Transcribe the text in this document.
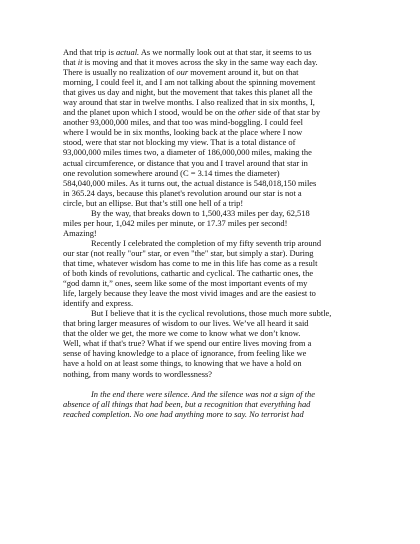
And that trip is actual. As we normally look out at that star, it seems to us
that it is moving and that it moves across the sky in the same way each day.
There is usually no realization of our movement around it, but on that
morning, I could feel it, and I am not talking about the spinning movement
that gives us day and night, but the movement that takes this planet all the
way around that star in twelve months. I also realized that in six months, I,
and the planet upon which I stood, would be on the other side of that star by
another 93,000,000 miles, and that too was mind-boggling. I could feel
where I would be in six months, looking back at the place where I now
stood, were that star not blocking my view. That is a total distance of
93,000,000 miles times two, a diameter of 186,000,000 miles, making the
actual circumference, or distance that you and I travel around that star in
one revolution somewhere around (C = 3.14 times the diameter)
584,040,000 miles. As it turns out, the actual distance is 548,018,150 miles
in 365.24 days, because this planet's revolution around our star is not a
circle, but an ellipse. But that’s still one hell of a trip!

By the way, that breaks down to 1,500,433 miles per day, 62,518
miles per hour, 1,042 miles per minute, or 17.37 miles per second!
Amazing!

Recently I celebrated the completion of my fifty seventh trip around
our star (not really "our" star, or even "the" star, but simply a star). During
that time, whatever wisdom has come to me in this life has come as a result
of both kinds of revolutions, cathartic and cyclical. The cathartic ones, the
“god damn it,” ones, seem like some of the most important events of my
life, largely because they leave the most vivid images and are the easiest to
identify and express.

But I believe that it is the cyclical revolutions, those much more subtle,
that bring larger measures of wisdom to our lives. We’ve all heard it said
that the older we get, the more we come to know what we don’t know.
Well, what if that's true? What if we spend our entire lives moving from a
sense of having knowledge to a place of ignorance, from feeling like we
have a hold on at least some things, to knowing that we have a hold on
nothing, from many words to wordlessness?

In the end there were silence. And the silence was not a sign of the
absence of all things that had been, but a recognition that everything had
reached completion. No one had anything more to say. No terrorist had
